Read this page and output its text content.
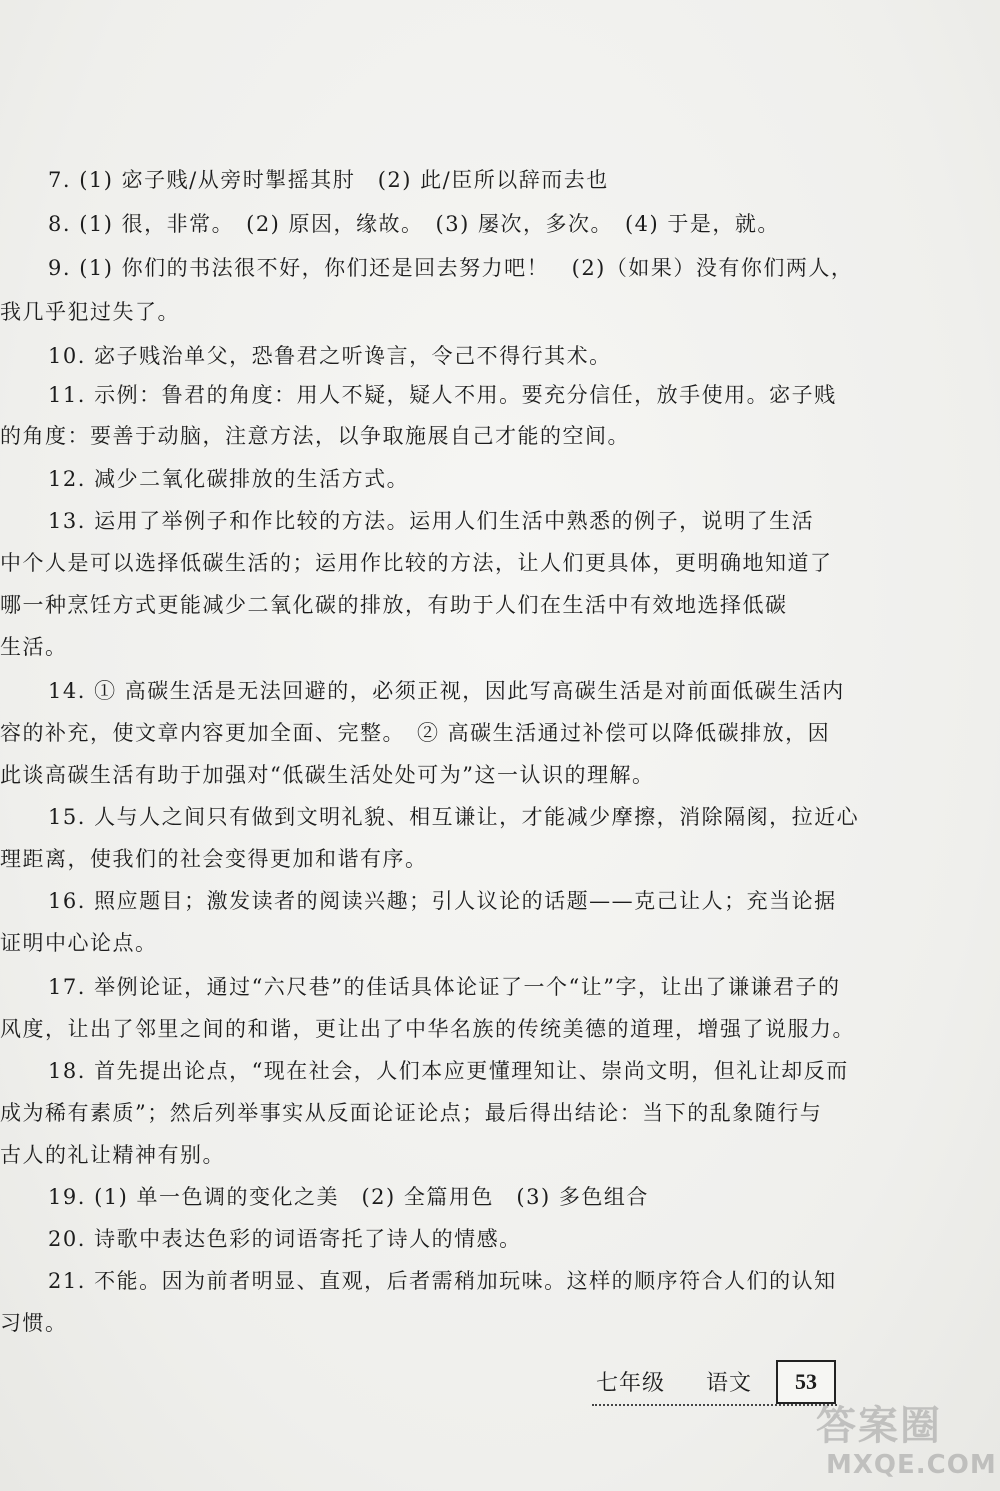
7. (1) 宓子贱/从旁时掣摇其肘　(2) 此/臣所以辞而去也
8. (1) 很，非常。　(2) 原因，缘故。　(3) 屡次，多次。　(4) 于是，就。
9. (1) 你们的书法很不好，你们还是回去努力吧！　(2)（如果）没有你们两人，
我几乎犯过失了。
10. 宓子贱治单父，恐鲁君之听谗言，令己不得行其术。
11. 示例：鲁君的角度：用人不疑，疑人不用。要充分信任，放手使用。宓子贱
的角度：要善于动脑，注意方法，以争取施展自己才能的空间。
12. 减少二氧化碳排放的生活方式。
13. 运用了举例子和作比较的方法。运用人们生活中熟悉的例子，说明了生活
中个人是可以选择低碳生活的；运用作比较的方法，让人们更具体，更明确地知道了
哪一种烹饪方式更能减少二氧化碳的排放，有助于人们在生活中有效地选择低碳
生活。
14. ① 高碳生活是无法回避的，必须正视，因此写高碳生活是对前面低碳生活内
容的补充，使文章内容更加全面、完整。　② 高碳生活通过补偿可以降低碳排放，因
此谈高碳生活有助于加强对“低碳生活处处可为”这一认识的理解。
15. 人与人之间只有做到文明礼貌、相互谦让，才能减少摩擦，消除隔阂，拉近心
理距离，使我们的社会变得更加和谐有序。
16. 照应题目；激发读者的阅读兴趣；引人议论的话题——克己让人；充当论据
证明中心论点。
17. 举例论证，通过“六尺巷”的佳话具体论证了一个“让”字，让出了谦谦君子的
风度，让出了邻里之间的和谐，更让出了中华名族的传统美德的道理，增强了说服力。
18. 首先提出论点，“现在社会，人们本应更懂理知让、崇尚文明，但礼让却反而
成为稀有素质”；然后列举事实从反面论证论点；最后得出结论：当下的乱象随行与
古人的礼让精神有别。
19. (1) 单一色调的变化之美　(2) 全篇用色　(3) 多色组合
20. 诗歌中表达色彩的词语寄托了诗人的情感。
21. 不能。因为前者明显、直观，后者需稍加玩味。这样的顺序符合人们的认知
习惯。
七年级 语文	53
答案圈
MXQE.COM
